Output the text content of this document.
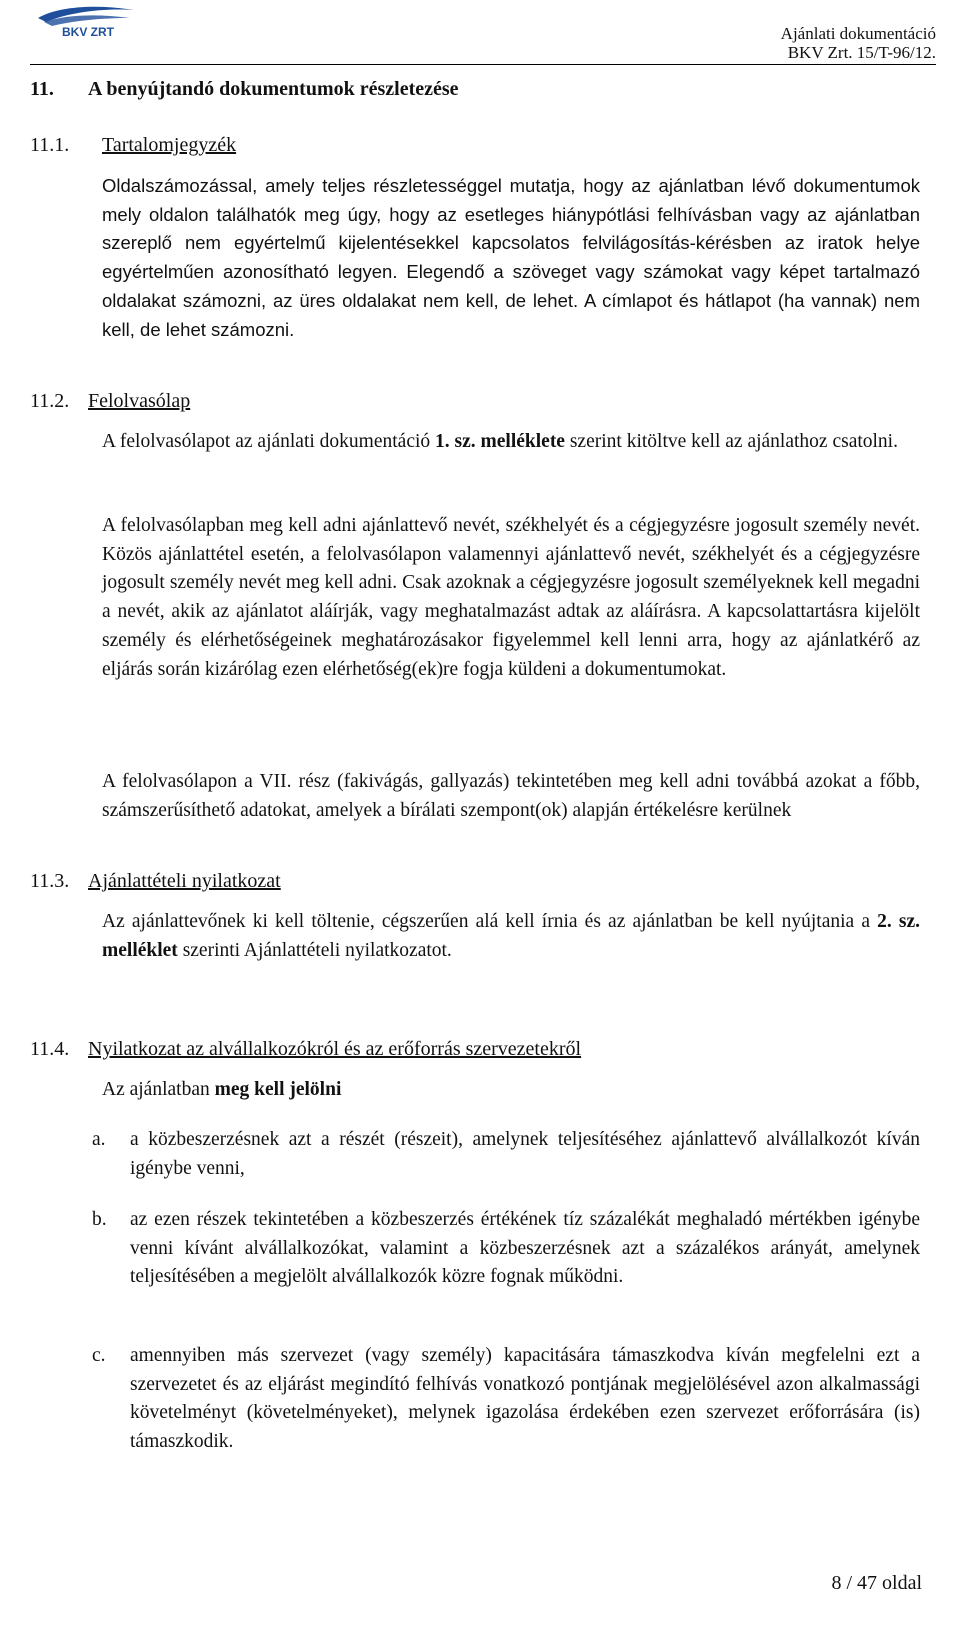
BKV ZRT	Ajánlati dokumentáció
BKV Zrt. 15/T-96/12.
11. A benyújtandó dokumentumok részletezése
11.1. Tartalomjegyzék
Oldalszámozással, amely teljes részletességgel mutatja, hogy az ajánlatban lévő dokumentumok mely oldalon találhatók meg úgy, hogy az esetleges hiánypótlási felhívásban vagy az ajánlatban szereplő nem egyértelmű kijelentésekkel kapcsolatos felvilágosítás-kérésben az iratok helye egyértelműen azonosítható legyen. Elegendő a szöveget vagy számokat vagy képet tartalmazó oldalakat számozni, az üres oldalakat nem kell, de lehet. A címlapot és hátlapot (ha vannak) nem kell, de lehet számozni.
11.2. Felolvasólap
A felolvasólapot az ajánlati dokumentáció 1. sz. melléklete szerint kitöltve kell az ajánlathoz csatolni.
A felolvasólapban meg kell adni ajánlattevő nevét, székhelyét és a cégjegyzésre jogosult személy nevét. Közös ajánlattétel esetén, a felolvasólapon valamennyi ajánlattevő nevét, székhelyét és a cégjegyzésre jogosult személy nevét meg kell adni. Csak azoknak a cégjegyzésre jogosult személyeknek kell megadni a nevét, akik az ajánlatot aláírják, vagy meghatalmazást adtak az aláírásra. A kapcsolattartásra kijelölt személy és elérhetőségeinek meghatározásakor figyelemmel kell lenni arra, hogy az ajánlatkérő az eljárás során kizárólag ezen elérhetőség(ek)re fogja küldeni a dokumentumokat.
A felolvasólapon a VII. rész (fakivágás, gallyazás) tekintetében meg kell adni továbbá azokat a főbb, számszerűsíthető adatokat, amelyek a bírálati szempont(ok) alapján értékelésre kerülnek
11.3. Ajánlattételi nyilatkozat
Az ajánlattevőnek ki kell töltenie, cégszerűen alá kell írnia és az ajánlatban be kell nyújtania a 2. sz. melléklet szerinti Ajánlattételi nyilatkozatot.
11.4. Nyilatkozat az alvállalkozókról és az erőforrás szervezetekről
Az ajánlatban meg kell jelölni
a.	a közbeszerzésnek azt a részét (részeit), amelynek teljesítéséhez ajánlattevő alvállalkozót kíván igénybe venni,
b.	az ezen részek tekintetében a közbeszerzés értékének tíz százalékát meghaladó mértékben igénybe venni kívánt alvállalkozókat, valamint a közbeszerzésnek azt a százalékos arányát, amelynek teljesítésében a megjelölt alvállalkozók közre fognak működni.
c.	amennyiben más szervezet (vagy személy) kapacitására támaszkodva kíván megfelelni ezt a szervezetet és az eljárást megindító felhívás vonatkozó pontjának megjelölésével azon alkalmassági követelményt (követelményeket), melynek igazolása érdekében ezen szervezet erőforrására (is) támaszkodik.
8 / 47 oldal
